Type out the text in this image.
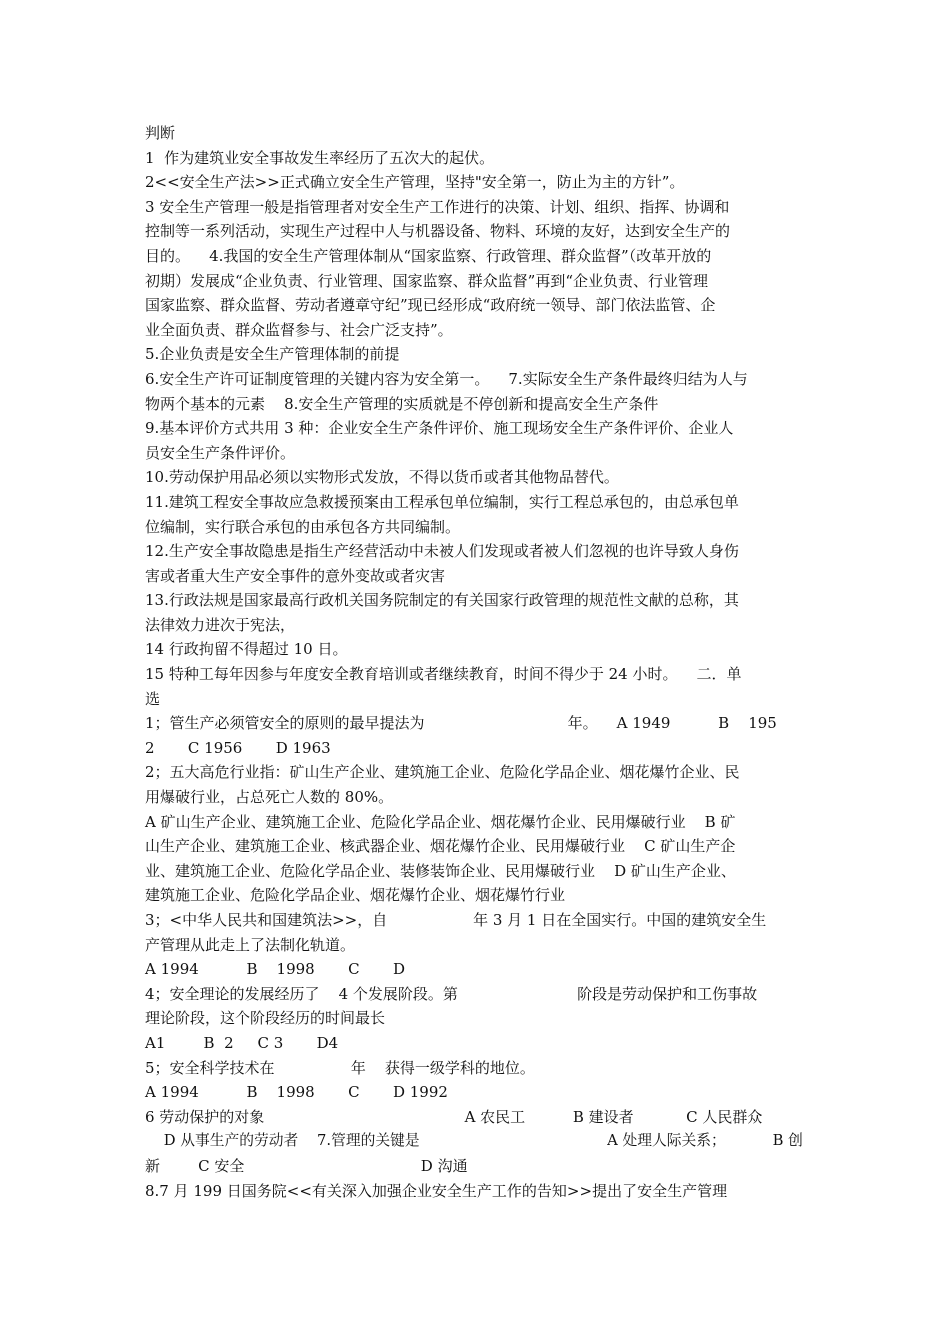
判断
1  作为建筑业安全事故发生率经历了五次大的起伏。
2<<安全生产法>>正式确立安全生产管理，坚持"安全第一，防止为主的方针”。
3 安全生产管理一般是指管理者对安全生产工作进行的决策、计划、组织、指挥、协调和
控制等一系列活动，实现生产过程中人与机器设备、物料、环境的友好，达到安全生产的
目的。    4.我国的安全生产管理体制从“国家监察、行政管理、群众监督”（改革开放的
初期）发展成“企业负责、行业管理、国家监察、群众监督”再到“企业负责、行业管理
国家监察、群众监督、劳动者遵章守纪”现已经形成“政府统一领导、部门依法监管、企
业全面负责、群众监督参与、社会广泛支持”。
5.企业负责是安全生产管理体制的前提
6.安全生产许可证制度管理的关键内容为安全第一。    7.实际安全生产条件最终归结为人与
物两个基本的元素    8.安全生产管理的实质就是不停创新和提高安全生产条件
9.基本评价方式共用 3 种：企业安全生产条件评价、施工现场安全生产条件评价、企业人
员安全生产条件评价。
10.劳动保护用品必须以实物形式发放，不得以货币或者其他物品替代。
11.建筑工程安全事故应急救援预案由工程承包单位编制，实行工程总承包的，由总承包单
位编制，实行联合承包的由承包各方共同编制。
12.生产安全事故隐患是指生产经营活动中未被人们发现或者被人们忽视的也许导致人身伤
害或者重大生产安全事件的意外变故或者灾害
13.行政法规是国家最高行政机关国务院制定的有关国家行政管理的规范性文献的总称，其
法律效力进次于宪法，
14 行政拘留不得超过 10 日。
15 特种工每年因参与年度安全教育培训或者继续教育，时间不得少于 24 小时。    二．单
选
1；管生产必须管安全的原则的最早提法为                              年。    A 1949          B    195
2       C 1956       D 1963
2；五大高危行业指：矿山生产企业、建筑施工企业、危险化学品企业、烟花爆竹企业、民
用爆破行业，占总死亡人数的 80%。
A 矿山生产企业、建筑施工企业、危险化学品企业、烟花爆竹企业、民用爆破行业    B 矿
山生产企业、建筑施工企业、核武器企业、烟花爆竹企业、民用爆破行业    C 矿山生产企
业、建筑施工企业、危险化学品企业、装修装饰企业、民用爆破行业    D 矿山生产企业、
建筑施工企业、危险化学品企业、烟花爆竹企业、烟花爆竹行业
3；<中华人民共和国建筑法>>，自                  年 3 月 1 日在全国实行。中国的建筑安全生
产管理从此走上了法制化轨道。
A 1994          B    1998       C       D
4；安全理论的发展经历了    4 个发展阶段。第                         阶段是劳动保护和工伤事故
理论阶段，这个阶段经历的时间最长
A1        B  2     C 3       D4
5；安全科学技术在                年    获得一级学科的地位。
A 1994          B    1998       C       D 1992
6 劳动保护的对象                                          A 农民工          B 建设者           C 人民群众
D 从事生产的劳动者    7.管理的关键是                                        A 处理人际关系；          B 创
新        C 安全                                     D 沟通
8.7 月 199 日国务院<<有关深入加强企业安全生产工作的告知>>提出了安全生产管理
